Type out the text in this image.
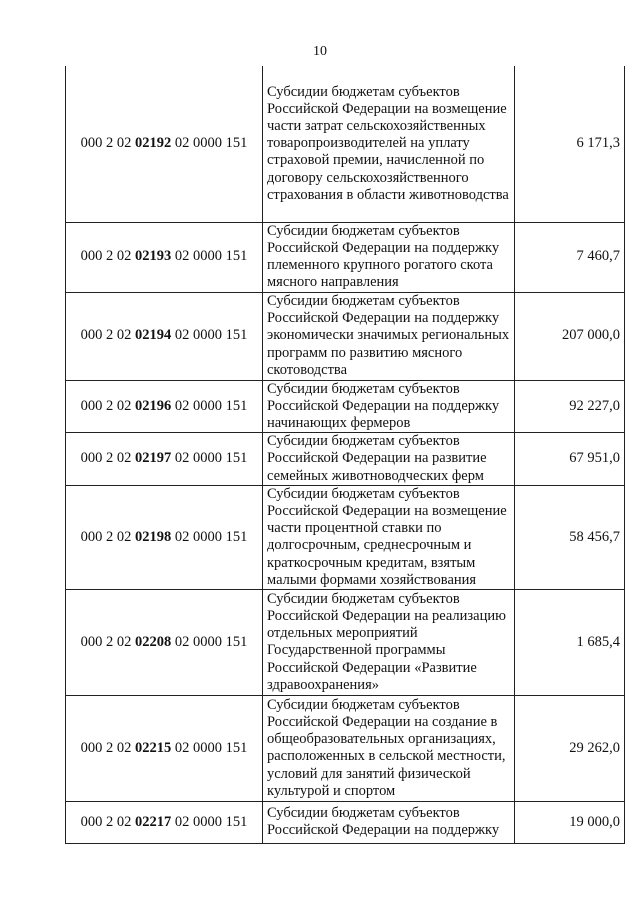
10
000 2 02 02192 02 0000 151	Субсидии бюджетам субъектов Российской Федерации на возмещение части затрат сельскохозяйственных товаропроизводителей на уплату страховой премии, начисленной по договору сельскохозяйственного страхования в области животноводства	6 171,3
000 2 02 02193 02 0000 151	Субсидии бюджетам субъектов Российской Федерации на поддержку племенного крупного рогатого скота мясного направления	7 460,7
000 2 02 02194 02 0000 151	Субсидии бюджетам субъектов Российской Федерации на поддержку экономически значимых региональных программ по развитию мясного скотоводства	207 000,0
000 2 02 02196 02 0000 151	Субсидии бюджетам субъектов Российской Федерации на поддержку начинающих фермеров	92 227,0
000 2 02 02197 02 0000 151	Субсидии бюджетам субъектов Российской Федерации на развитие семейных животноводческих ферм	67 951,0
000 2 02 02198 02 0000 151	Субсидии бюджетам субъектов Российской Федерации на возмещение части процентной ставки по долгосрочным, среднесрочным и краткосрочным кредитам, взятым малыми формами хозяйствования	58 456,7
000 2 02 02208 02 0000 151	Субсидии бюджетам субъектов Российской Федерации на реализацию отдельных мероприятий Государственной программы Российской Федерации «Развитие здравоохранения»	1 685,4
000 2 02 02215 02 0000 151	Субсидии бюджетам субъектов Российской Федерации на создание в общеобразовательных организациях, расположенных в сельской местности, условий для занятий физической культурой и спортом	29 262,0
000 2 02 02217 02 0000 151	Субсидии бюджетам субъектов Российской Федерации на поддержку	19 000,0
